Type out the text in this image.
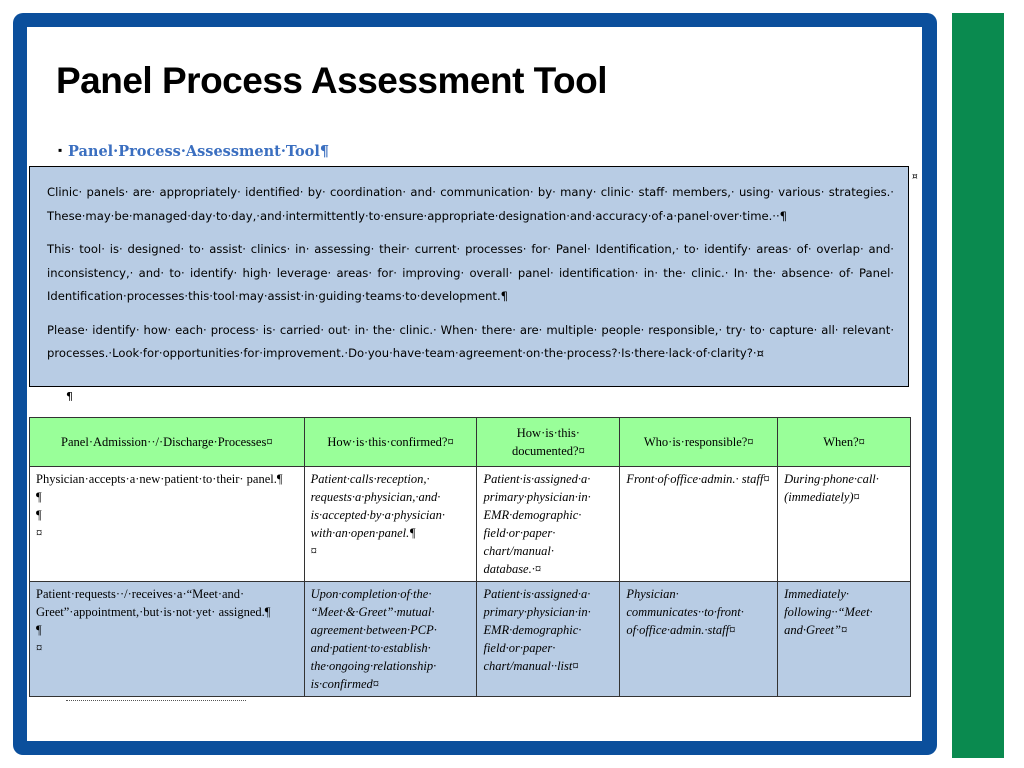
Panel Process Assessment Tool
▪ Panel·Process·Assessment·Tool¶

Clinic· panels· are· appropriately· identified· by· coordination· and· communication· by· many· clinic· staff· members,· using· various· strategies.· These·may·be·managed·day·to·day,·and·intermittently·to·ensure·appropriate·designation·and·accuracy·of·a·panel·over·time.··¶

This· tool· is· designed· to· assist· clinics· in· assessing· their· current· processes· for· Panel· Identification,· to· identify· areas· of· overlap· and· inconsistency,· and· to· identify· high· leverage· areas· for· improving· overall· panel· identification· in· the· clinic.· In· the· absence· of· Panel· Identification·processes·this·tool·may·assist·in·guiding·teams·to·development.¶

Please· identify· how· each· process· is· carried· out· in· the· clinic.· When· there· are· multiple· people· responsible,· try· to· capture· all· relevant· processes.·Look·for·opportunities·for·improvement.·Do·you·have·team·agreement·on·the·process?·Is·there·lack·of·clarity?·¤

¤
¶
Panel·Admission··/·Discharge·Processes¤	How·is·this·confirmed?¤	How·is·this· documented?¤	Who·is·responsible?¤	When?¤
Physician·accepts·a·new·patient·to·their· panel.¶
¶
¶
¤	Patient·calls·reception,· requests·a·physician,·and· is·accepted·by·a·physician· with·an·open·panel.¶
¤	Patient·is·assigned·a· primary·physician·in· EMR·demographic· field·or·paper· chart/manual· database.·¤	Front·of·office·admin.· staff¤	During·phone·call· (immediately)¤
Patient·requests··/·receives·a·“Meet·and· Greet”·appointment,·but·is·not·yet· assigned.¶
¶
¤	Upon·completion·of·the· “Meet·&·Greet”·mutual· agreement·between·PCP· and·patient·to·establish· the·ongoing·relationship· is·confirmed¤	Patient·is·assigned·a· primary·physician·in· EMR·demographic· field·or·paper· chart/manual··list¤	Physician· communicates··to·front· of·office·admin.·staff¤	Immediately· following··“Meet· and·Greet”¤
